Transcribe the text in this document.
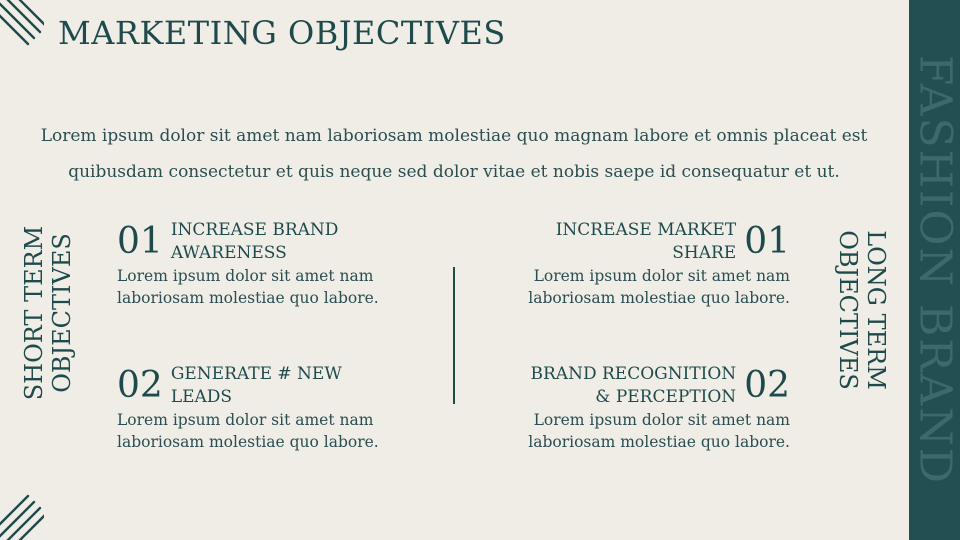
MARKETING OBJECTIVES
Lorem ipsum dolor sit amet nam laboriosam molestiae quo magnam labore et omnis placeat est quibusdam consectetur et quis neque sed dolor vitae et nobis saepe id consequatur et ut.	FASHION BRAND
SHORT TERM OBJECTIVES	LONG TERM
OBJECTIVES
01 INCREASE BRAND
AWARENESS
Lorem ipsum dolor sit amet nam
laboriosam molestiae quo labore.
02 GENERATE # NEW
LEADS
Lorem ipsum dolor sit amet nam
laboriosam molestiae quo labore.
INCREASE MARKET
SHARE 01
Lorem ipsum dolor sit amet nam
laboriosam molestiae quo labore.
BRAND RECOGNITION
& PERCEPTION 02
Lorem ipsum dolor sit amet nam
laboriosam molestiae quo labore.
